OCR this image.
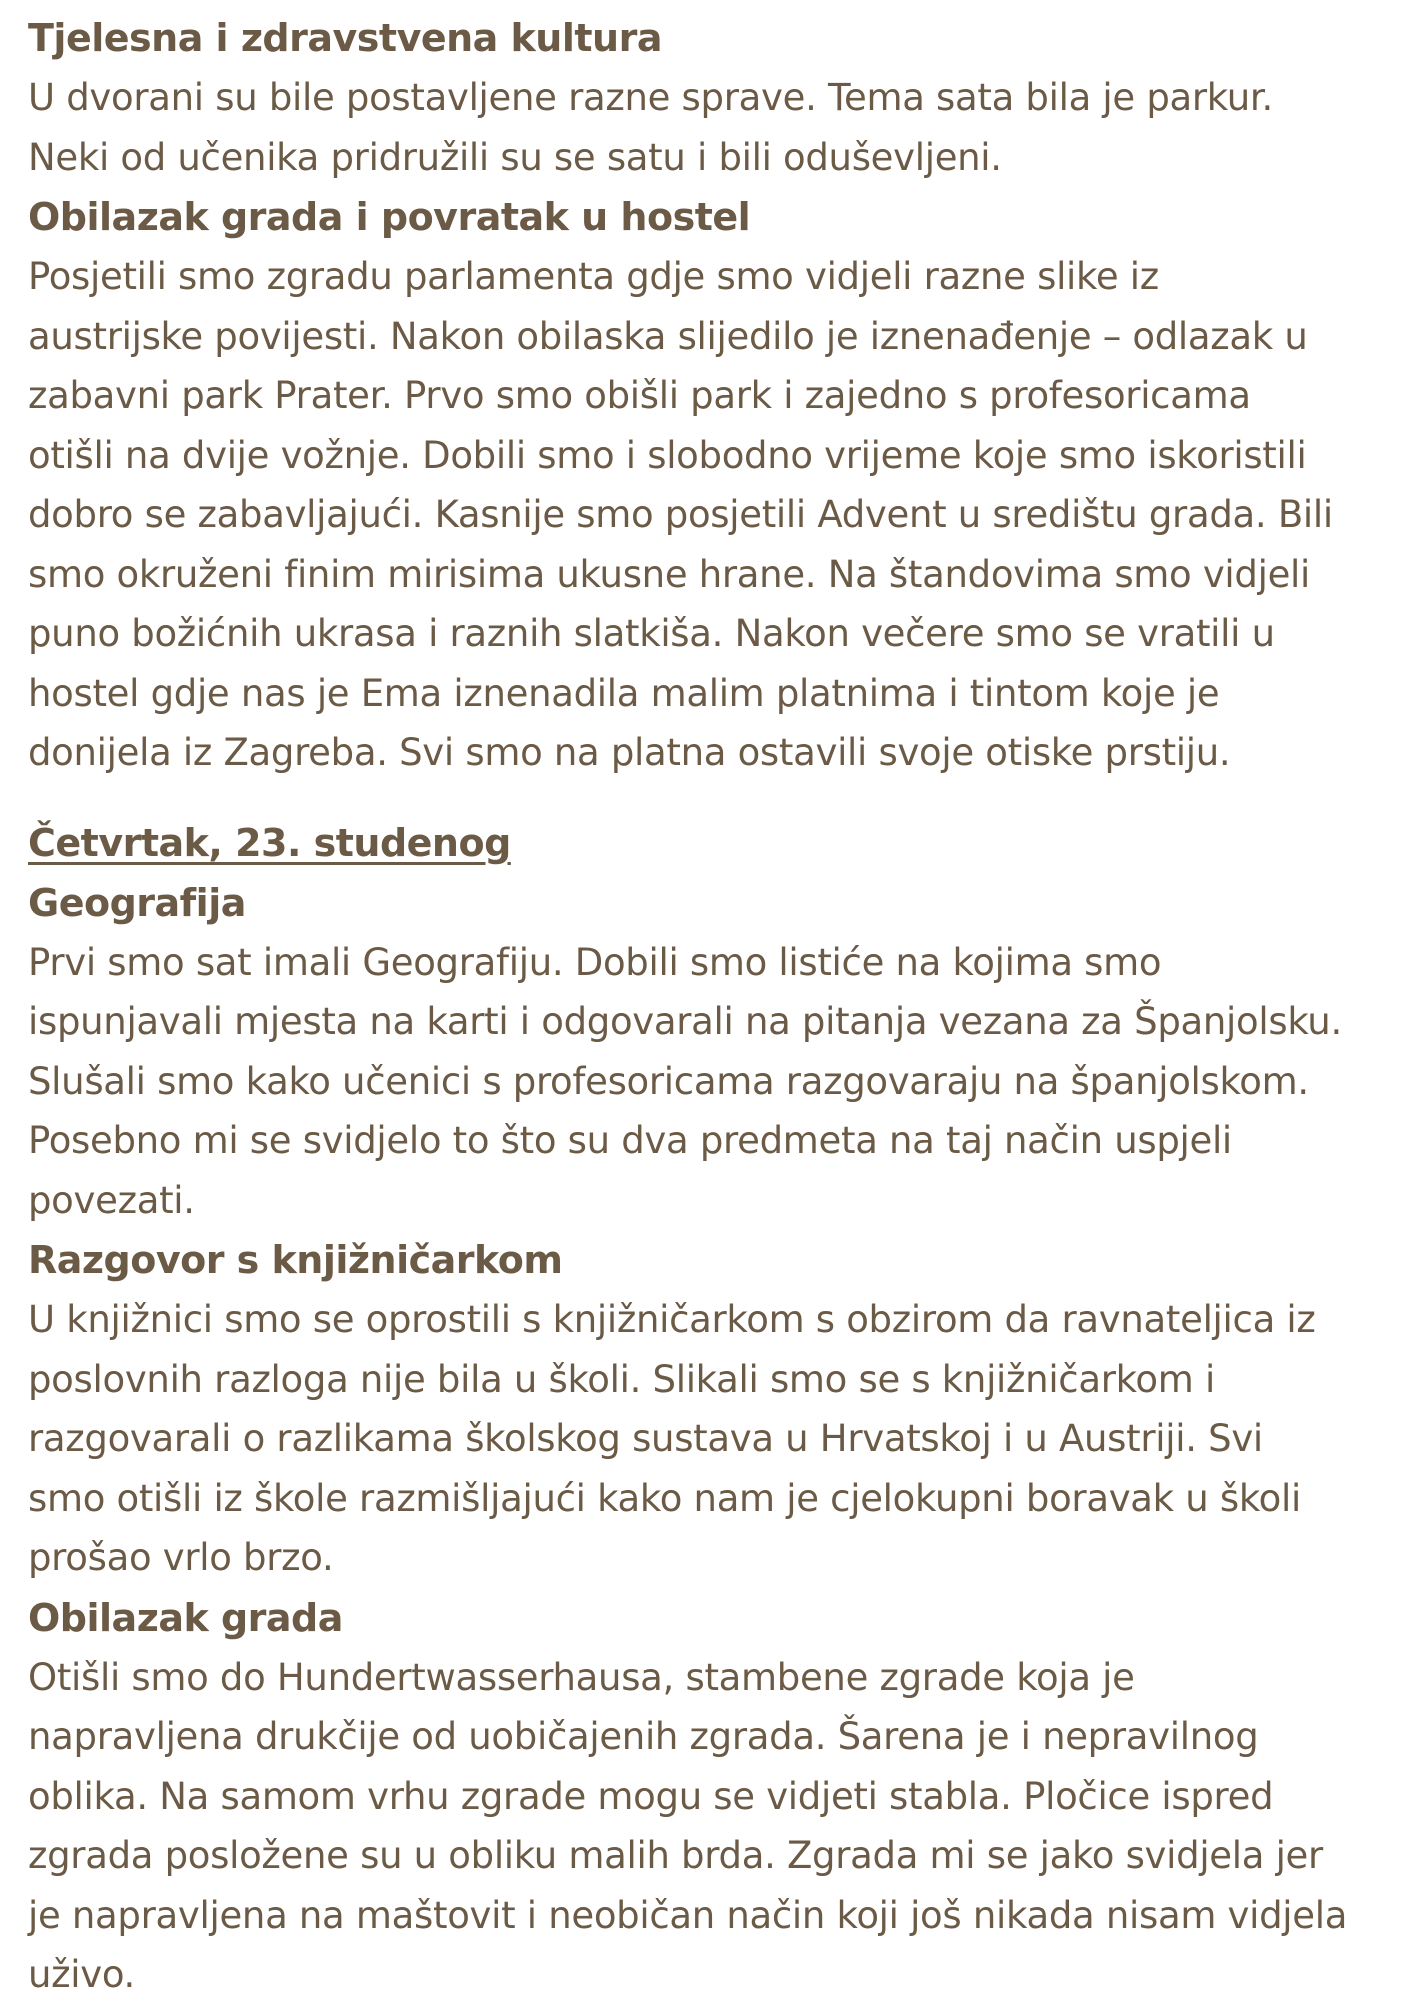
Tjelesna i zdravstvena kultura

U dvorani su bile postavljene razne sprave. Tema sata bila je parkur.
Neki od učenika pridružili su se satu i bili oduševljeni.

Obilazak grada i povratak u hostel

Posjetili smo zgradu parlamenta gdje smo vidjeli razne slike iz
austrijske povijesti. Nakon obilaska slijedilo je iznenađenje – odlazak u
zabavni park Prater. Prvo smo obišli park i zajedno s profesoricama
otišli na dvije vožnje. Dobili smo i slobodno vrijeme koje smo iskoristili
dobro se zabavljajući. Kasnije smo posjetili Advent u središtu grada. Bili
smo okruženi finim mirisima ukusne hrane. Na štandovima smo vidjeli
puno božićnih ukrasa i raznih slatkiša. Nakon večere smo se vratili u
hostel gdje nas je Ema iznenadila malim platnima i tintom koje je
donijela iz Zagreba. Svi smo na platna ostavili svoje otiske prstiju.

Četvrtak, 23. studenog
Geografija

Prvi smo sat imali Geografiju. Dobili smo listiće na kojima smo
ispunjavali mjesta na karti i odgovarali na pitanja vezana za Španjolsku.
Slušali smo kako učenici s profesoricama razgovaraju na španjolskom.
Posebno mi se svidjelo to što su dva predmeta na taj način uspjeli
povezati.

Razgovor s knjižničarkom

U knjižnici smo se oprostili s knjižničarkom s obzirom da ravnateljica iz
poslovnih razloga nije bila u školi. Slikali smo se s knjižničarkom i
razgovarali o razlikama školskog sustava u Hrvatskoj i u Austriji. Svi
smo otišli iz škole razmišljajući kako nam je cjelokupni boravak u školi
prošao vrlo brzo.

Obilazak grada

Otišli smo do Hundertwasserhausa, stambene zgrade koja je
napravljena drukčije od uobičajenih zgrada. Šarena je i nepravilnog
oblika. Na samom vrhu zgrade mogu se vidjeti stabla. Pločice ispred
zgrada posložene su u obliku malih brda. Zgrada mi se jako svidjela jer
je napravljena na maštovit i neobičan način koji još nikada nisam vidjela
uživo.
